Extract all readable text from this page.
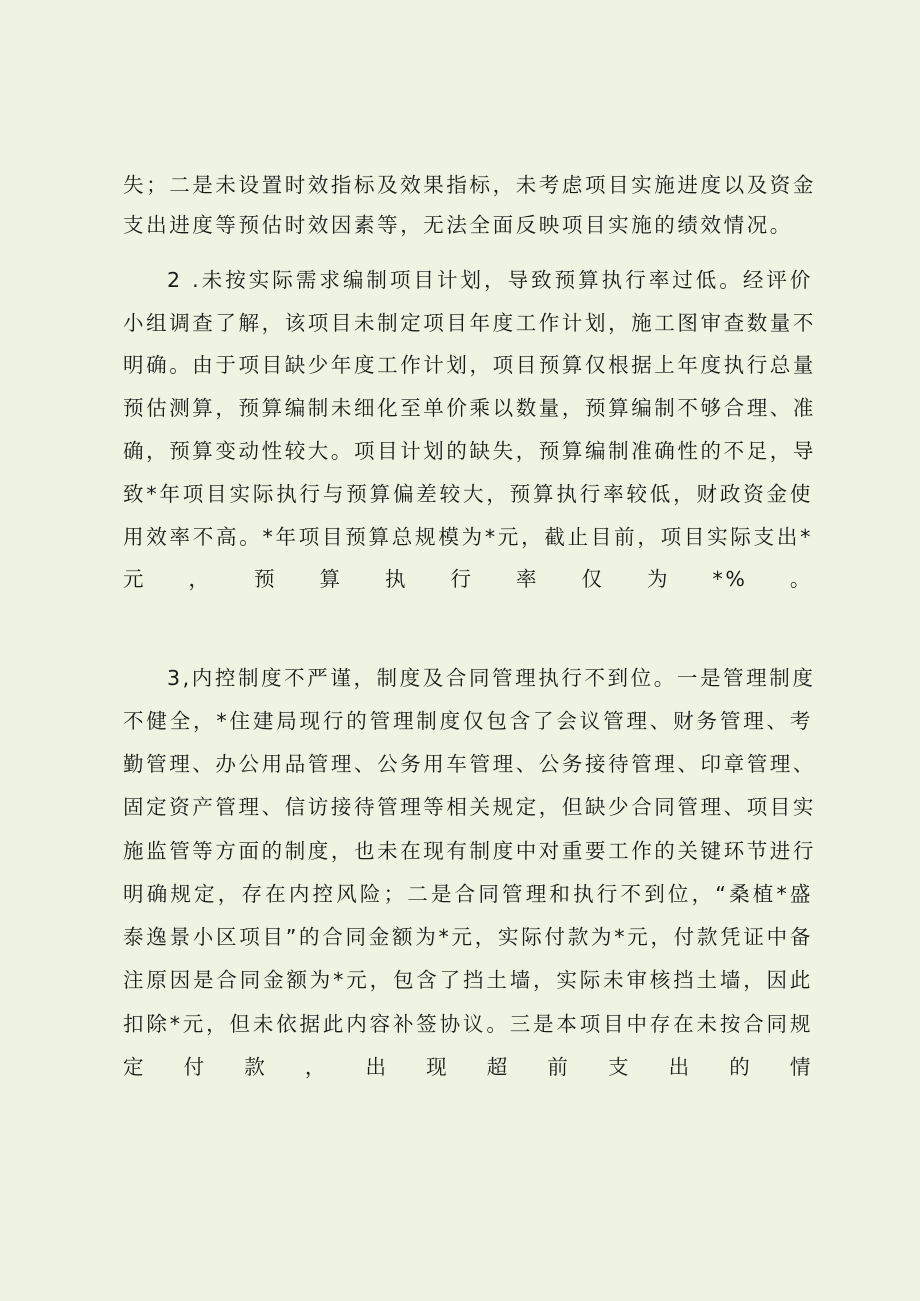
失；二是未设置时效指标及效果指标，未考虑项目实施进度以及资金
支出进度等预估时效因素等，无法全面反映项目实施的绩效情况。
2 .未按实际需求编制项目计划，导致预算执行率过低。经评价
小组调查了解，该项目未制定项目年度工作计划，施工图审查数量不
明确。由于项目缺少年度工作计划，项目预算仅根据上年度执行总量
预估测算，预算编制未细化至单价乘以数量，预算编制不够合理、准
确，预算变动性较大。项目计划的缺失，预算编制准确性的不足，导
致*年项目实际执行与预算偏差较大，预算执行率较低，财政资金使
用效率不高。*年项目预算总规模为*元，截止目前，项目实际支出*
元，预算执行率仅为*%。
3,内控制度不严谨，制度及合同管理执行不到位。一是管理制度
不健全，*住建局现行的管理制度仅包含了会议管理、财务管理、考
勤管理、办公用品管理、公务用车管理、公务接待管理、印章管理、
固定资产管理、信访接待管理等相关规定，但缺少合同管理、项目实
施监管等方面的制度，也未在现有制度中对重要工作的关键环节进行
明确规定，存在内控风险；二是合同管理和执行不到位，“桑植*盛
泰逸景小区项目”的合同金额为*元，实际付款为*元，付款凭证中备
注原因是合同金额为*元，包含了挡土墙，实际未审核挡土墙，因此
扣除*元，但未依据此内容补签协议。三是本项目中存在未按合同规
定付款，出现超前支出的情
